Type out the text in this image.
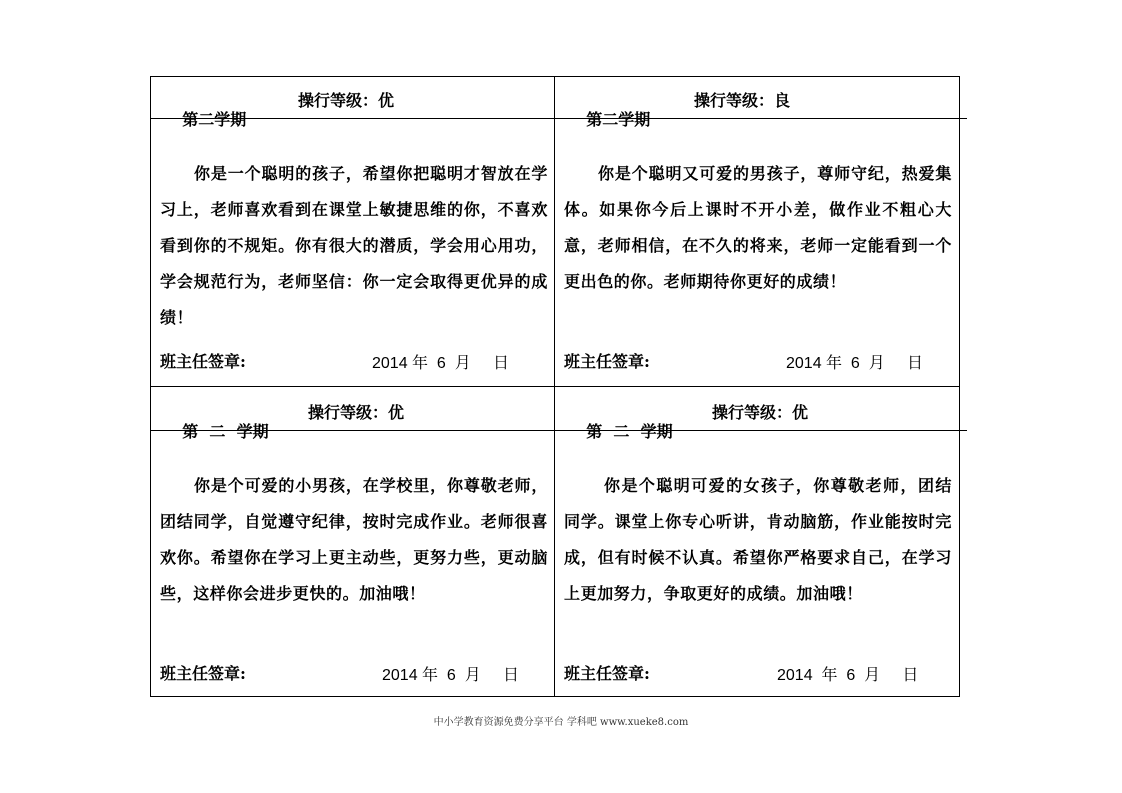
第二学期

操行等级：优

你是一个聪明的孩子，希望你把聪明才智放在学习上，老师喜欢看到在课堂上敏捷思维的你，不喜欢看到你的不规矩。你有很大的潜质，学会用心用功，学会规范行为，老师坚信：你一定会取得更优异的成绩！
班主任签章:	2014 年  6  月     日

第二学期

操行等级：良

你是个聪明又可爱的男孩子，尊师守纪，热爱集体。如果你今后上课时不开小差，做作业不粗心大意，老师相信，在不久的将来，老师一定能看到一个更出色的你。老师期待你更好的成绩！
班主任签章:	2014 年  6  月     日

第  二  学期

操行等级：优

你是个可爱的小男孩，在学校里，你尊敬老师，团结同学，自觉遵守纪律，按时完成作业。老师很喜欢你。希望你在学习上更主动些，更努力些，更动脑些，这样你会进步更快的。加油哦！
班主任签章:	2014 年  6  月     日

第  二  学期

操行等级：优

你是个聪明可爱的女孩子，你尊敬老师，团结同学。课堂上你专心听讲，肯动脑筋，作业能按时完成，但有时候不认真。希望你严格要求自己，在学习上更加努力，争取更好的成绩。加油哦！
班主任签章:	2014  年  6  月     日
中小学教育资源免费分享平台 学科吧 www.xueke8.com
